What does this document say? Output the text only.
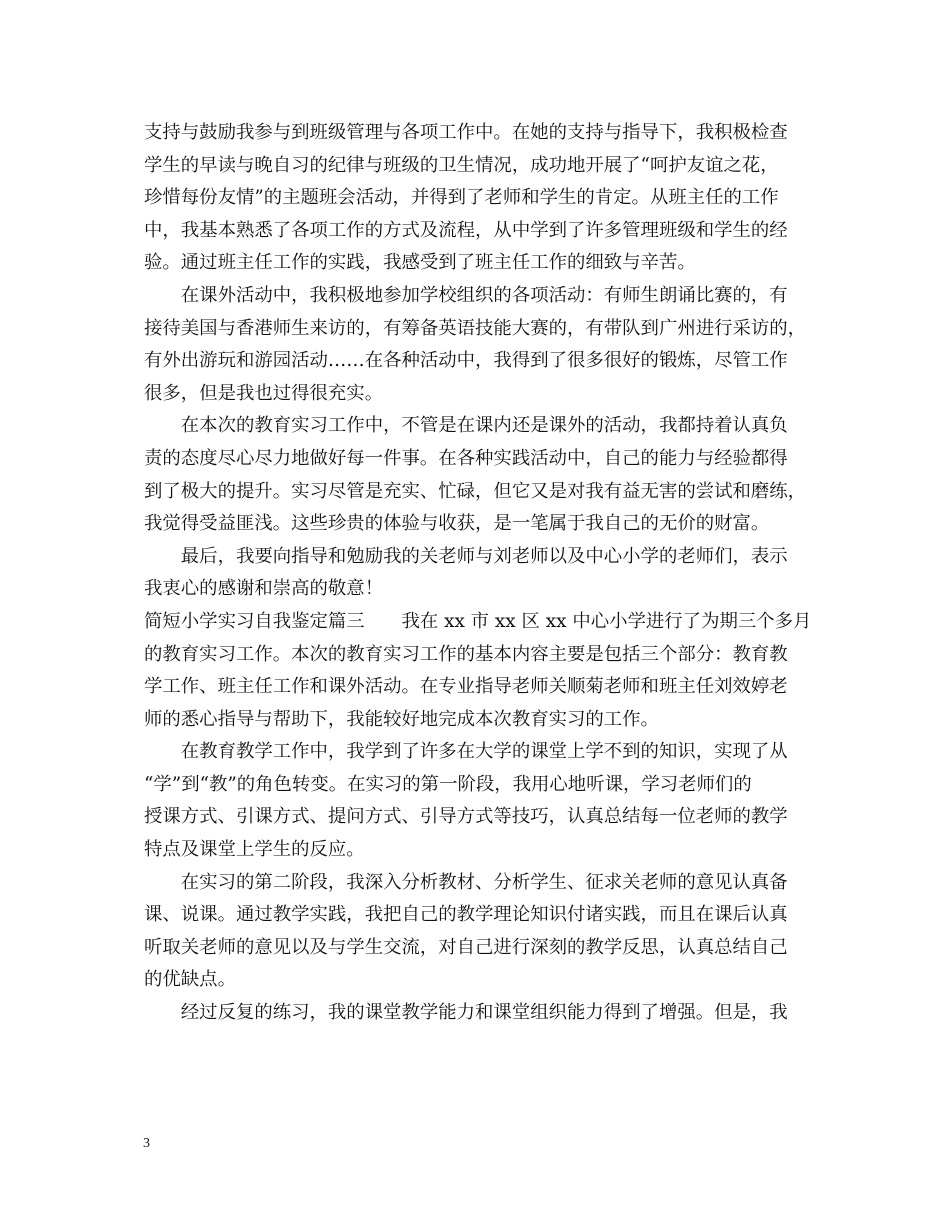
支持与鼓励我参与到班级管理与各项工作中。在她的支持与指导下，我积极检查
学生的早读与晚自习的纪律与班级的卫生情况，成功地开展了“呵护友谊之花，
珍惜每份友情”的主题班会活动，并得到了老师和学生的肯定。从班主任的工作
中，我基本熟悉了各项工作的方式及流程，从中学到了许多管理班级和学生的经
验。通过班主任工作的实践，我感受到了班主任工作的细致与辛苦。
　　在课外活动中，我积极地参加学校组织的各项活动：有师生朗诵比赛的，有
接待美国与香港师生来访的，有筹备英语技能大赛的，有带队到广州进行采访的，
有外出游玩和游园活动……在各种活动中，我得到了很多很好的锻炼，尽管工作
很多，但是我也过得很充实。
　　在本次的教育实习工作中，不管是在课内还是课外的活动，我都持着认真负
责的态度尽心尽力地做好每一件事。在各种实践活动中，自己的能力与经验都得
到了极大的提升。实习尽管是充实、忙碌，但它又是对我有益无害的尝试和磨练，
我觉得受益匪浅。这些珍贵的体验与收获，是一笔属于我自己的无价的财富。
　　最后，我要向指导和勉励我的关老师与刘老师以及中心小学的老师们，表示
我衷心的感谢和崇高的敬意！
简短小学实习自我鉴定篇三　　我在 xx 市 xx 区 xx 中心小学进行了为期三个多月
的教育实习工作。本次的教育实习工作的基本内容主要是包括三个部分：教育教
学工作、班主任工作和课外活动。在专业指导老师关顺菊老师和班主任刘效婷老
师的悉心指导与帮助下，我能较好地完成本次教育实习的工作。
　　在教育教学工作中，我学到了许多在大学的课堂上学不到的知识，实现了从
“学”到“教”的角色转变。在实习的第一阶段，我用心地听课，学习老师们的
授课方式、引课方式、提问方式、引导方式等技巧，认真总结每一位老师的教学
特点及课堂上学生的反应。
　　在实习的第二阶段，我深入分析教材、分析学生、征求关老师的意见认真备
课、说课。通过教学实践，我把自己的教学理论知识付诸实践，而且在课后认真
听取关老师的意见以及与学生交流，对自己进行深刻的教学反思，认真总结自己
的优缺点。
　　经过反复的练习，我的课堂教学能力和课堂组织能力得到了增强。但是，我
3
